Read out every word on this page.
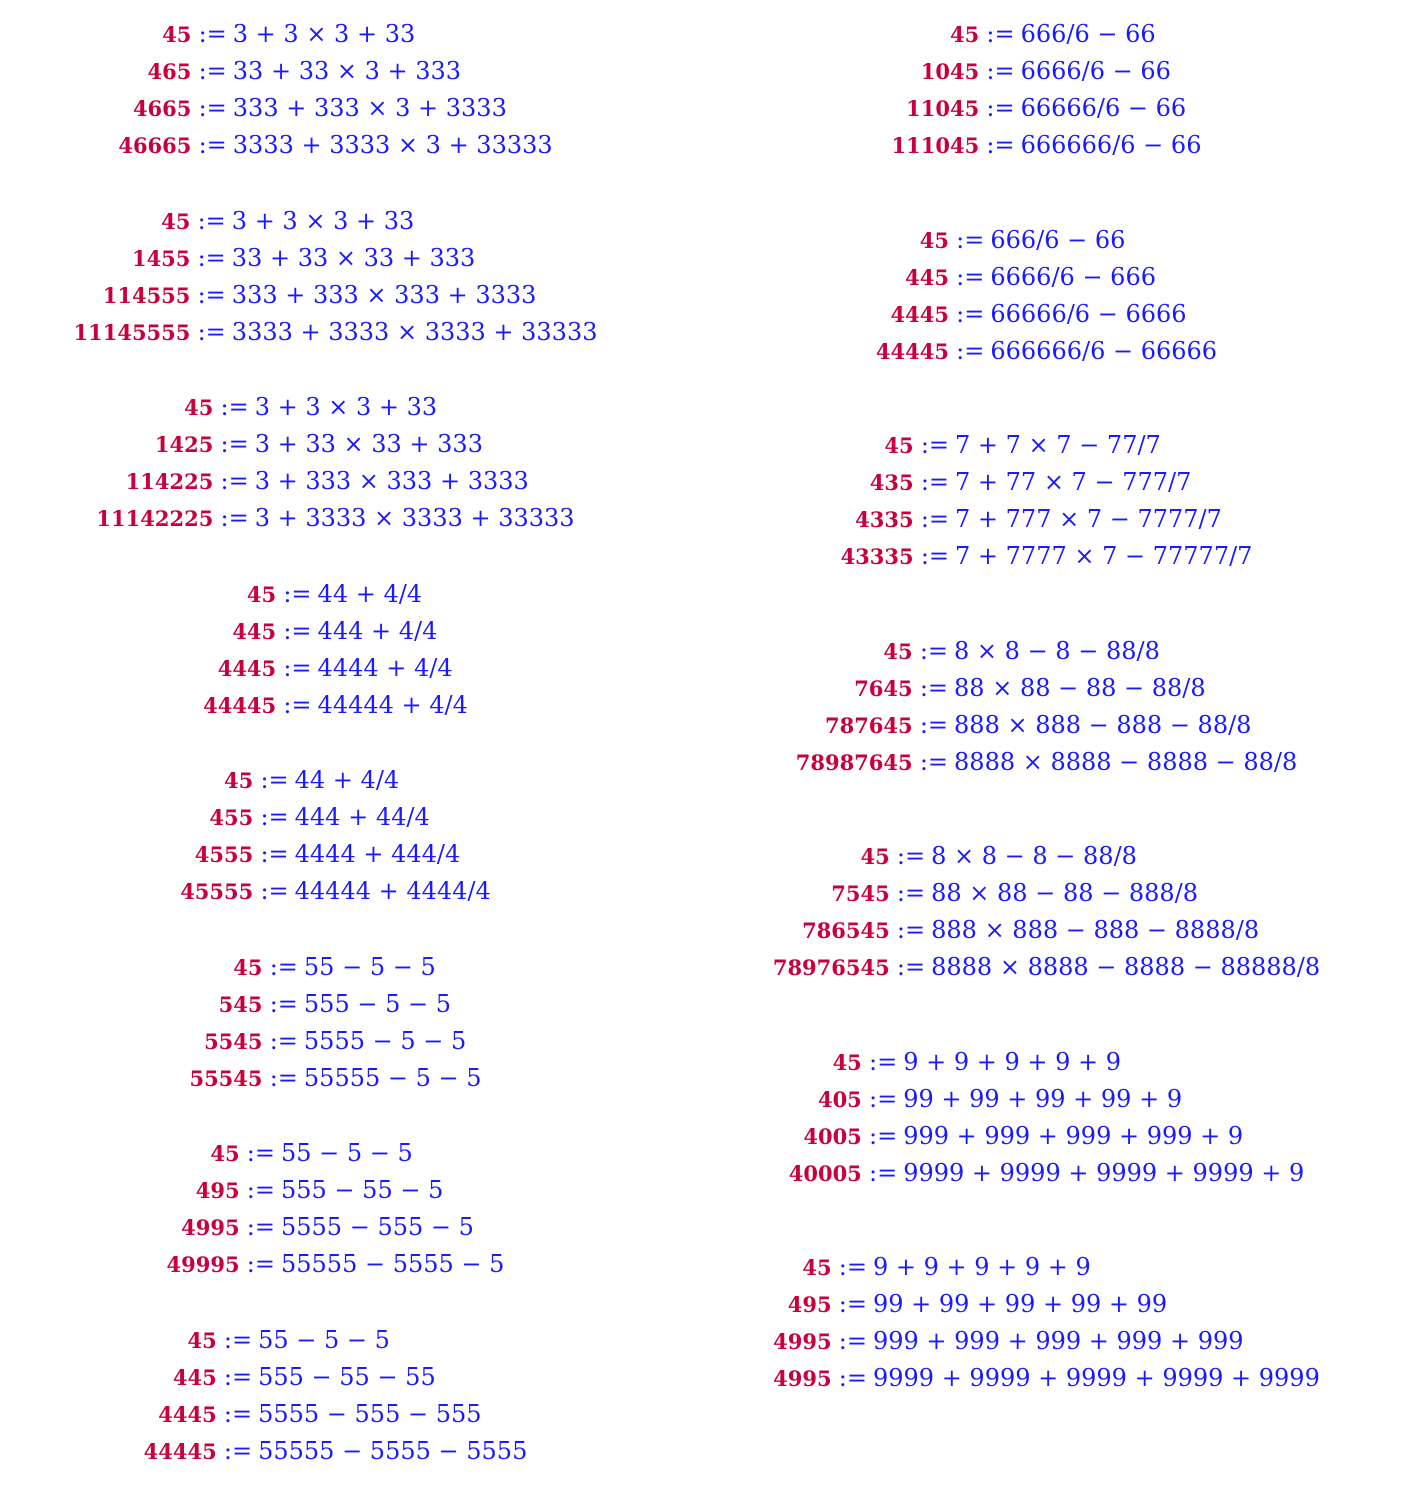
45 := 3 + 3 × 3 + 33
465 := 33 + 33 × 3 + 333
4665 := 333 + 333 × 3 + 3333
46665 := 3333 + 3333 × 3 + 33333
45 := 3 + 3 × 3 + 33
1455 := 33 + 33 × 33 + 333
114555 := 333 + 333 × 333 + 3333
11145555 := 3333 + 3333 × 3333 + 33333
45 := 3 + 3 × 3 + 33
1425 := 3 + 33 × 33 + 333
114225 := 3 + 333 × 333 + 3333
11142225 := 3 + 3333 × 3333 + 33333
45 := 44 + 4/4
445 := 444 + 4/4
4445 := 4444 + 4/4
44445 := 44444 + 4/4
45 := 44 + 4/4
455 := 444 + 44/4
4555 := 4444 + 444/4
45555 := 44444 + 4444/4
45 := 55 − 5 − 5
545 := 555 − 5 − 5
5545 := 5555 − 5 − 5
55545 := 55555 − 5 − 5
45 := 55 − 5 − 5
495 := 555 − 55 − 5
4995 := 5555 − 555 − 5
49995 := 55555 − 5555 − 5
45 := 55 − 5 − 5
445 := 555 − 55 − 55
4445 := 5555 − 555 − 555
44445 := 55555 − 5555 − 5555
45 := 666/6 − 66
1045 := 6666/6 − 66
11045 := 66666/6 − 66
111045 := 666666/6 − 66
45 := 666/6 − 66
445 := 6666/6 − 666
4445 := 66666/6 − 6666
44445 := 666666/6 − 66666
45 := 7 + 7 × 7 − 77/7
435 := 7 + 77 × 7 − 777/7
4335 := 7 + 777 × 7 − 7777/7
43335 := 7 + 7777 × 7 − 77777/7
45 := 8 × 8 − 8 − 88/8
7645 := 88 × 88 − 88 − 88/8
787645 := 888 × 888 − 888 − 88/8
78987645 := 8888 × 8888 − 8888 − 88/8
45 := 8 × 8 − 8 − 88/8
7545 := 88 × 88 − 88 − 888/8
786545 := 888 × 888 − 888 − 8888/8
78976545 := 8888 × 8888 − 8888 − 88888/8
45 := 9 + 9 + 9 + 9 + 9
405 := 99 + 99 + 99 + 99 + 9
4005 := 999 + 999 + 999 + 999 + 9
40005 := 9999 + 9999 + 9999 + 9999 + 9
45 := 9 + 9 + 9 + 9 + 9
495 := 99 + 99 + 99 + 99 + 99
4995 := 999 + 999 + 999 + 999 + 999
4995 := 9999 + 9999 + 9999 + 9999 + 9999
